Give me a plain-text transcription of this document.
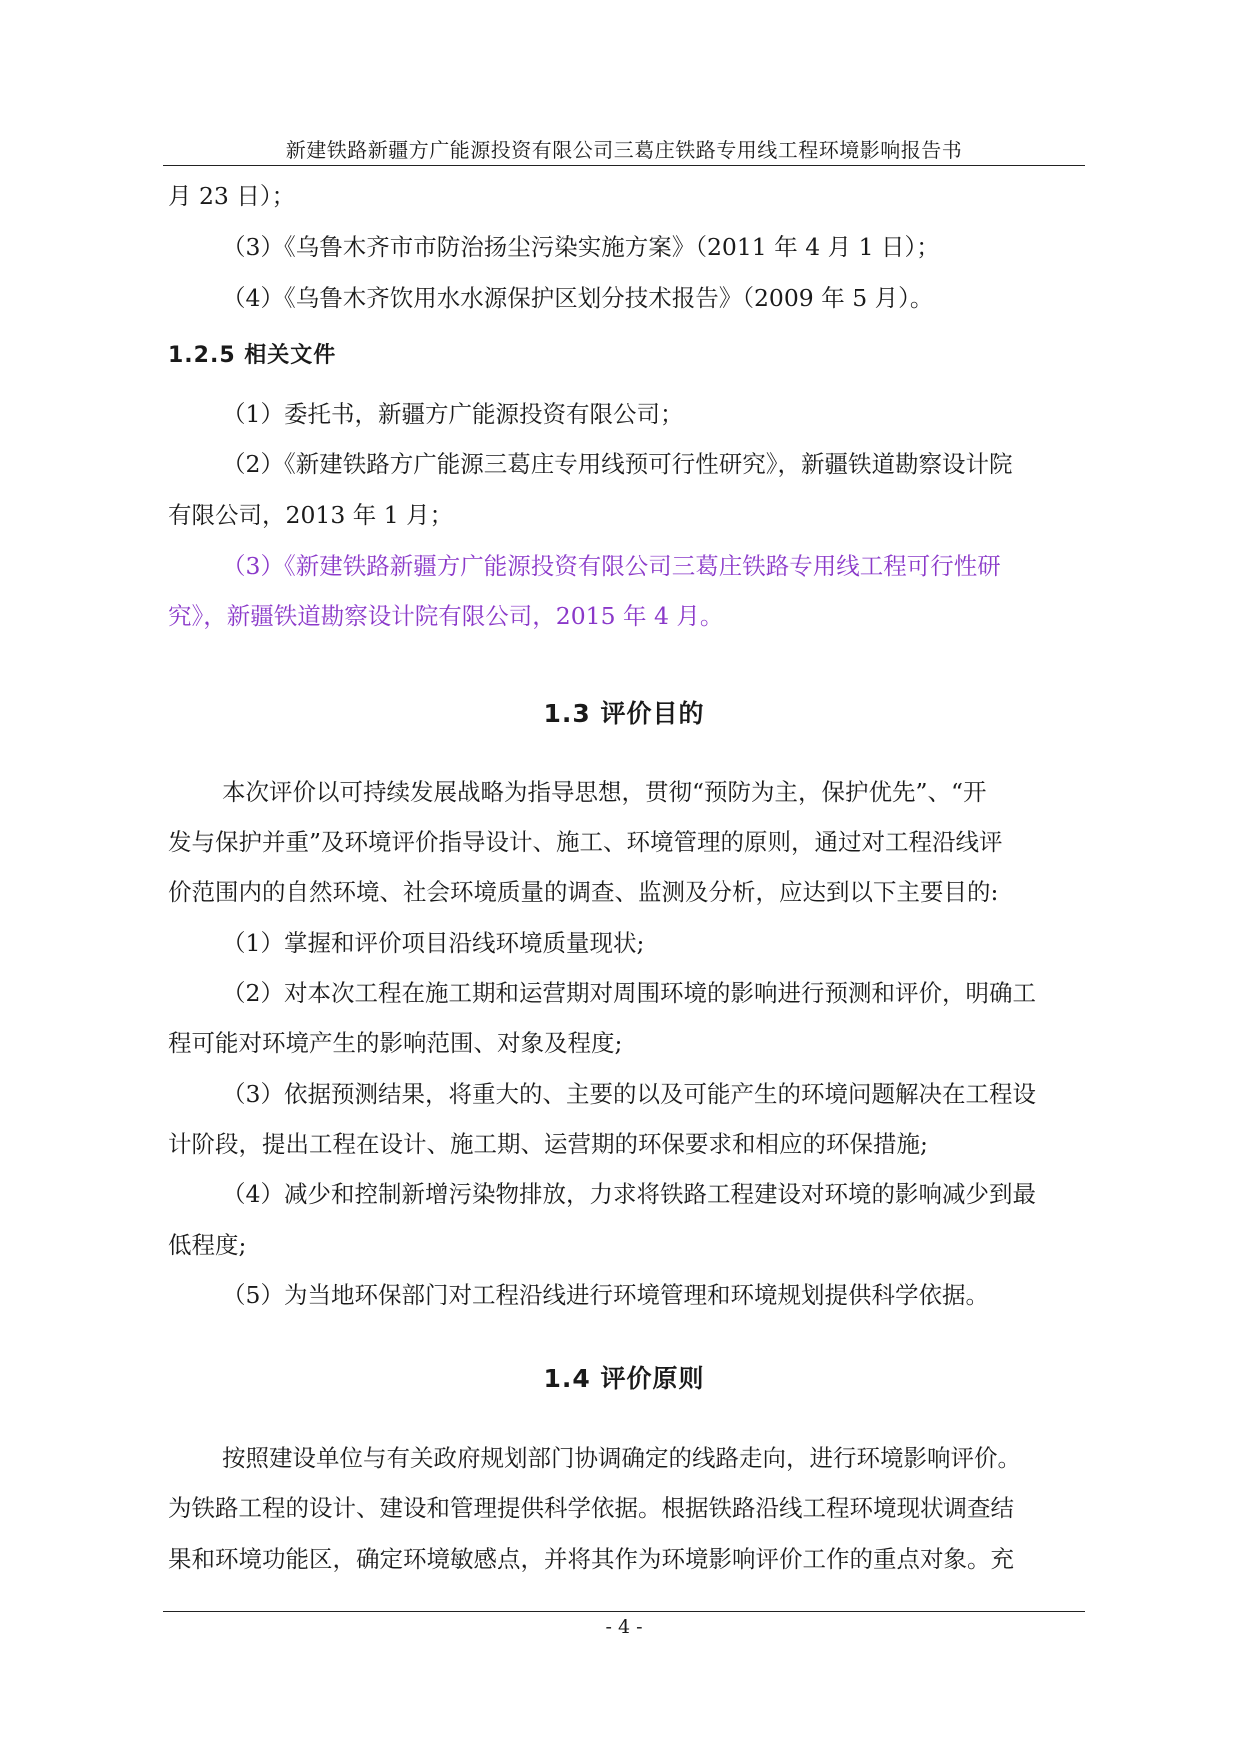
新建铁路新疆方广能源投资有限公司三葛庄铁路专用线工程环境影响报告书

月 23 日）；

（3）《乌鲁木齐市市防治扬尘污染实施方案》（2011 年 4 月 1 日）；

（4）《乌鲁木齐饮用水水源保护区划分技术报告》（2009 年 5 月）。

1.2.5 相关文件

（1）委托书，新疆方广能源投资有限公司；

（2）《新建铁路方广能源三葛庄专用线预可行性研究》，新疆铁道勘察设计院

有限公司，2013 年 1 月；

（3）《新建铁路新疆方广能源投资有限公司三葛庄铁路专用线工程可行性研

究》，新疆铁道勘察设计院有限公司，2015 年 4 月。

1.3 评价目的

本次评价以可持续发展战略为指导思想，贯彻“预防为主，保护优先”、“开

发与保护并重”及环境评价指导设计、施工、环境管理的原则，通过对工程沿线评

价范围内的自然环境、社会环境质量的调查、监测及分析，应达到以下主要目的:

（1）掌握和评价项目沿线环境质量现状;

（2）对本次工程在施工期和运营期对周围环境的影响进行预测和评价，明确工

程可能对环境产生的影响范围、对象及程度;

（3）依据预测结果，将重大的、主要的以及可能产生的环境问题解决在工程设

计阶段，提出工程在设计、施工期、运营期的环保要求和相应的环保措施;

（4）减少和控制新增污染物排放，力求将铁路工程建设对环境的影响减少到最

低程度;

（5）为当地环保部门对工程沿线进行环境管理和环境规划提供科学依据。

1.4 评价原则

按照建设单位与有关政府规划部门协调确定的线路走向，进行环境影响评价。

为铁路工程的设计、建设和管理提供科学依据。根据铁路沿线工程环境现状调查结

果和环境功能区，确定环境敏感点，并将其作为环境影响评价工作的重点对象。充

- 4 -
